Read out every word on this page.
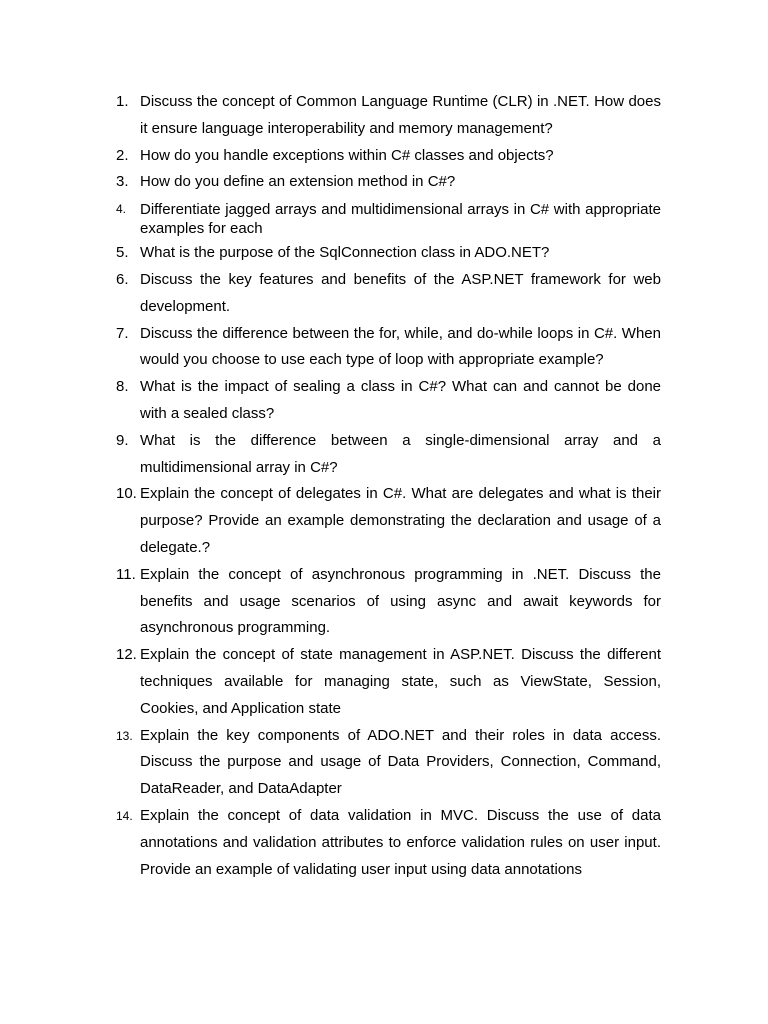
1. Discuss the concept of Common Language Runtime (CLR) in .NET. How does it ensure language interoperability and memory management?
2. How do you handle exceptions within C# classes and objects?
3. How do you define an extension method in C#?
4. Differentiate jagged arrays and multidimensional arrays in C# with appropriate examples for each
5. What is the purpose of the SqlConnection class in ADO.NET?
6. Discuss the key features and benefits of the ASP.NET framework for web development.
7. Discuss the difference between the for, while, and do-while loops in C#. When would you choose to use each type of loop with appropriate example?
8. What is the impact of sealing a class in C#? What can and cannot be done with a sealed class?
9. What is the difference between a single-dimensional array and a multidimensional array in C#?
10. Explain the concept of delegates in C#. What are delegates and what is their purpose? Provide an example demonstrating the declaration and usage of a delegate.?
11. Explain the concept of asynchronous programming in .NET. Discuss the benefits and usage scenarios of using async and await keywords for asynchronous programming.
12. Explain the concept of state management in ASP.NET. Discuss the different techniques available for managing state, such as ViewState, Session, Cookies, and Application state
13. Explain the key components of ADO.NET and their roles in data access. Discuss the purpose and usage of Data Providers, Connection, Command, DataReader, and DataAdapter
14. Explain the concept of data validation in MVC. Discuss the use of data annotations and validation attributes to enforce validation rules on user input. Provide an example of validating user input using data annotations
